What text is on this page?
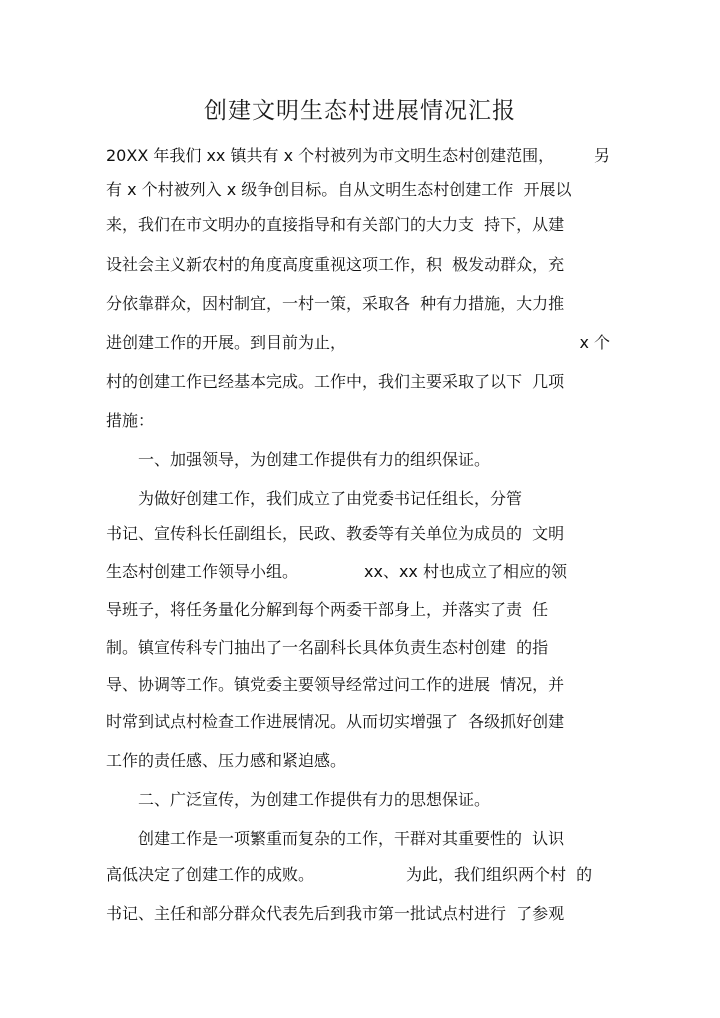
创建文明生态村进展情况汇报
20XX 年我们 xx 镇共有 x 个村被列为市文明生态村创建范围， 另
有 x 个村被列入 x 级争创目标。自从文明生态村创建工作  开展以
来，我们在市文明办的直接指导和有关部门的大力支  持下，从建
设社会主义新农村的角度高度重视这项工作，积  极发动群众，充
分依靠群众，因村制宜，一村一策，采取各  种有力措施，大力推
进创建工作的开展。到目前为止，	x 个
村的创建工作已经基本完成。工作中，我们主要采取了以下  几项
措施：
　　一、加强领导，为创建工作提供有力的组织保证。
　　为做好创建工作，我们成立了由党委书记任组长，分管
书记、宣传科长任副组长，民政、教委等有关单位为成员的  文明
生态村创建工作领导小组。	xx、xx 村也成立了相应的领
导班子，将任务量化分解到每个两委干部身上，并落实了责  任
制。镇宣传科专门抽出了一名副科长具体负责生态村创建  的指
导、协调等工作。镇党委主要领导经常过问工作的进展  情况，并
时常到试点村检查工作进展情况。从而切实增强了  各级抓好创建
工作的责任感、压力感和紧迫感。
　　二、广泛宣传，为创建工作提供有力的思想保证。
　　创建工作是一项繁重而复杂的工作，干群对其重要性的  认识
高低决定了创建工作的成败。	为此，我们组织两个村  的
书记、主任和部分群众代表先后到我市第一批试点村进行  了参观
